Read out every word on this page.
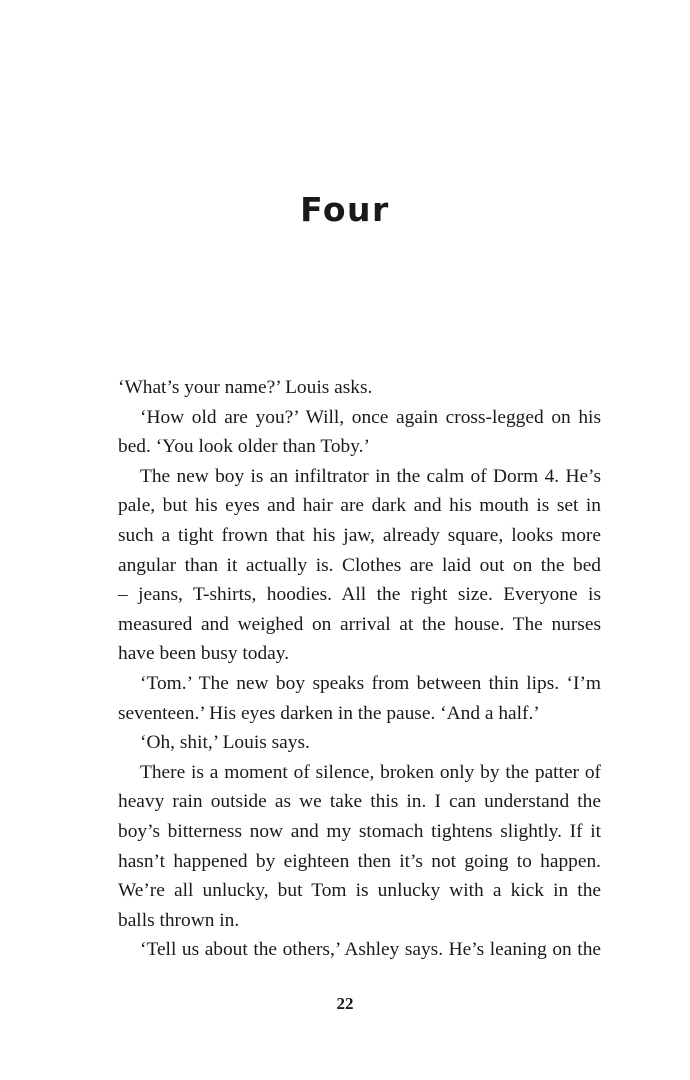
Four
‘What’s your name?’ Louis asks.
‘How old are you?’ Will, once again cross-legged on his
bed. ‘You look older than Toby.’
The new boy is an infiltrator in the calm of Dorm 4. He’s
pale, but his eyes and hair are dark and his mouth is set in
such a tight frown that his jaw, already square, looks more
angular than it actually is. Clothes are laid out on the bed
– jeans, T-shirts, hoodies. All the right size. Everyone is
measured and weighed on arrival at the house. The nurses
have been busy today.
‘Tom.’ The new boy speaks from between thin lips. ‘I’m
seventeen.’ His eyes darken in the pause. ‘And a half.’
‘Oh, shit,’ Louis says.
There is a moment of silence, broken only by the patter of
heavy rain outside as we take this in. I can understand the
boy’s bitterness now and my stomach tightens slightly. If it
hasn’t happened by eighteen then it’s not going to happen.
We’re all unlucky, but Tom is unlucky with a kick in the
balls thrown in.
‘Tell us about the others,’ Ashley says. He’s leaning on the
22
